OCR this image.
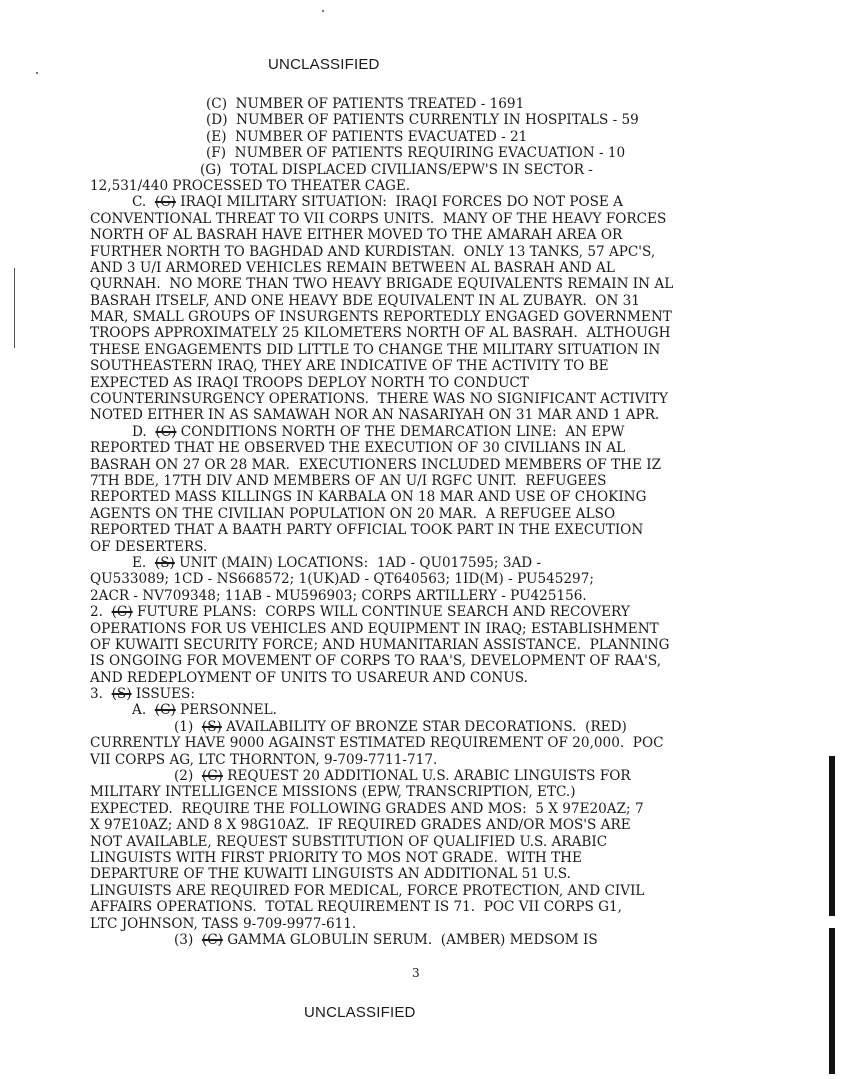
UNCLASSIFIED
(C)  NUMBER OF PATIENTS TREATED - 1691
(D)  NUMBER OF PATIENTS CURRENTLY IN HOSPITALS - 59
(E)  NUMBER OF PATIENTS EVACUATED - 21
(F)  NUMBER OF PATIENTS REQUIRING EVACUATION - 10
(G)  TOTAL DISPLACED CIVILIANS/EPW'S IN SECTOR -
12,531/440 PROCESSED TO THEATER CAGE.
C.  (C) IRAQI MILITARY SITUATION:  IRAQI FORCES DO NOT POSE A
CONVENTIONAL THREAT TO VII CORPS UNITS.  MANY OF THE HEAVY FORCES
NORTH OF AL BASRAH HAVE EITHER MOVED TO THE AMARAH AREA OR
FURTHER NORTH TO BAGHDAD AND KURDISTAN.  ONLY 13 TANKS, 57 APC'S,
AND 3 U/I ARMORED VEHICLES REMAIN BETWEEN AL BASRAH AND AL
QURNAH.  NO MORE THAN TWO HEAVY BRIGADE EQUIVALENTS REMAIN IN AL
BASRAH ITSELF, AND ONE HEAVY BDE EQUIVALENT IN AL ZUBAYR.  ON 31
MAR, SMALL GROUPS OF INSURGENTS REPORTEDLY ENGAGED GOVERNMENT
TROOPS APPROXIMATELY 25 KILOMETERS NORTH OF AL BASRAH.  ALTHOUGH
THESE ENGAGEMENTS DID LITTLE TO CHANGE THE MILITARY SITUATION IN
SOUTHEASTERN IRAQ, THEY ARE INDICATIVE OF THE ACTIVITY TO BE
EXPECTED AS IRAQI TROOPS DEPLOY NORTH TO CONDUCT
COUNTERINSURGENCY OPERATIONS.  THERE WAS NO SIGNIFICANT ACTIVITY
NOTED EITHER IN AS SAMAWAH NOR AN NASARIYAH ON 31 MAR AND 1 APR.
D.  (C) CONDITIONS NORTH OF THE DEMARCATION LINE:  AN EPW
REPORTED THAT HE OBSERVED THE EXECUTION OF 30 CIVILIANS IN AL
BASRAH ON 27 OR 28 MAR.  EXECUTIONERS INCLUDED MEMBERS OF THE IZ
7TH BDE, 17TH DIV AND MEMBERS OF AN U/I RGFC UNIT.  REFUGEES
REPORTED MASS KILLINGS IN KARBALA ON 18 MAR AND USE OF CHOKING
AGENTS ON THE CIVILIAN POPULATION ON 20 MAR.  A REFUGEE ALSO
REPORTED THAT A BAATH PARTY OFFICIAL TOOK PART IN THE EXECUTION
OF DESERTERS.
E.  (S) UNIT (MAIN) LOCATIONS:  1AD - QU017595; 3AD -
QU533089; 1CD - NS668572; 1(UK)AD - QT640563; 1ID(M) - PU545297;
2ACR - NV709348; 11AB - MU596903; CORPS ARTILLERY - PU425156.
2.  (C) FUTURE PLANS:  CORPS WILL CONTINUE SEARCH AND RECOVERY
OPERATIONS FOR US VEHICLES AND EQUIPMENT IN IRAQ; ESTABLISHMENT
OF KUWAITI SECURITY FORCE; AND HUMANITARIAN ASSISTANCE.  PLANNING
IS ONGOING FOR MOVEMENT OF CORPS TO RAA'S, DEVELOPMENT OF RAA'S,
AND REDEPLOYMENT OF UNITS TO USAREUR AND CONUS.
3.  (S) ISSUES:
A.  (C) PERSONNEL.
(1)  (S) AVAILABILITY OF BRONZE STAR DECORATIONS.  (RED)
CURRENTLY HAVE 9000 AGAINST ESTIMATED REQUIREMENT OF 20,000.  POC
VII CORPS AG, LTC THORNTON, 9-709-7711-717.
(2)  (C) REQUEST 20 ADDITIONAL U.S. ARABIC LINGUISTS FOR
MILITARY INTELLIGENCE MISSIONS (EPW, TRANSCRIPTION, ETC.)
EXPECTED.  REQUIRE THE FOLLOWING GRADES AND MOS:  5 X 97E20AZ; 7
X 97E10AZ; AND 8 X 98G10AZ.  IF REQUIRED GRADES AND/OR MOS'S ARE
NOT AVAILABLE, REQUEST SUBSTITUTION OF QUALIFIED U.S. ARABIC
LINGUISTS WITH FIRST PRIORITY TO MOS NOT GRADE.  WITH THE
DEPARTURE OF THE KUWAITI LINGUISTS AN ADDITIONAL 51 U.S.
LINGUISTS ARE REQUIRED FOR MEDICAL, FORCE PROTECTION, AND CIVIL
AFFAIRS OPERATIONS.  TOTAL REQUIREMENT IS 71.  POC VII CORPS G1,
LTC JOHNSON, TASS 9-709-9977-611.
(3)  (C) GAMMA GLOBULIN SERUM.  (AMBER) MEDSOM IS
3
UNCLASSIFIED
